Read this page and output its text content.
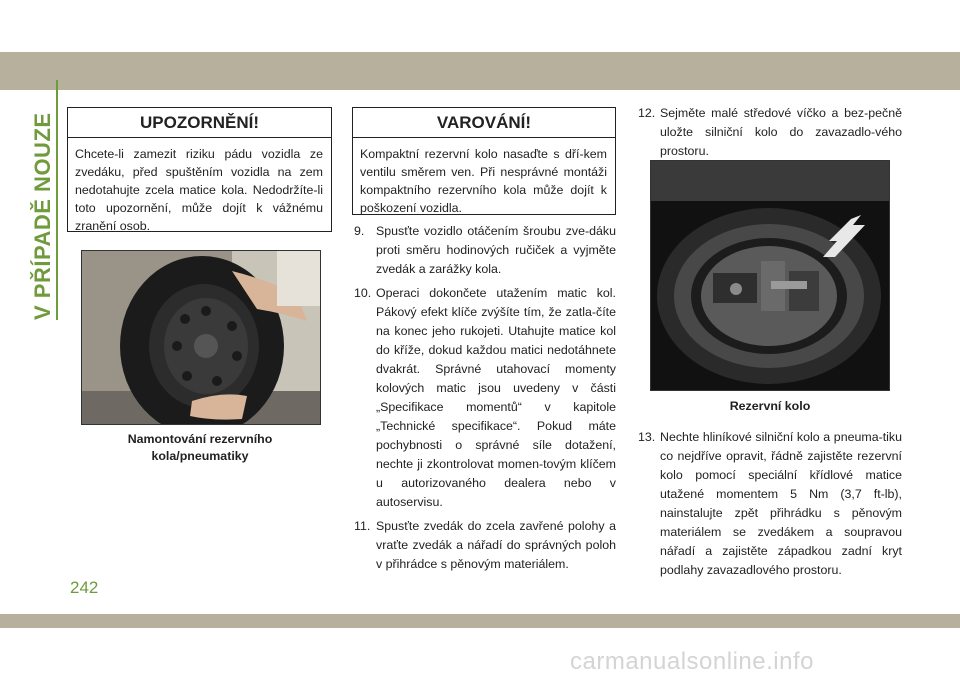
V PŘÍPADĚ NOUZE	UPOZORNĚNÍ!
Chcete-li zamezit riziku pádu vozidla ze zvedáku, před spuštěním vozidla na zem nedotahujte zcela matice kola. Nedodržíte-li toto upozornění, může dojít k vážnému zranění osob.
Namontování rezervního kola/pneumatiky
VAROVÁNÍ!
Kompaktní rezervní kolo nasaďte s dří-kem ventilu směrem ven. Při nesprávné montáži kompaktního rezervního kola může dojít k poškození vozidla.
9. Spusťte vozidlo otáčením šroubu zve-dáku proti směru hodinových ručiček a vyjměte zvedák a zarážky kola.
10. Operaci dokončete utažením matic kol. Pákový efekt klíče zvýšíte tím, že zatla-číte na konec jeho rukojeti. Utahujte matice kol do kříže, dokud každou matici nedotáhnete dvakrát. Správné utahovací momenty kolových matic jsou uvedeny v části „Specifikace momentů“ v kapitole „Technické specifikace“. Pokud máte pochybnosti o správné síle dotažení, nechte ji zkontrolovat momen-tovým klíčem u autorizovaného dealera nebo v autoservisu.
11. Spusťte zvedák do zcela zavřené polohy a vraťte zvedák a nářadí do správných poloh v přihrádce s pěnovým materiálem.
12. Sejměte malé středové víčko a bez-pečně uložte silniční kolo do zavazadlo-vého prostoru.
Rezervní kolo
13. Nechte hliníkové silniční kolo a pneuma-tiku co nejdříve opravit, řádně zajistěte rezervní kolo pomocí speciální křídlové matice utažené momentem 5 Nm (3,7 ft-lb), nainstalujte zpět přihrádku s pěnovým materiálem se zvedákem a soupravou nářadí a zajistěte západkou zadní kryt podlahy zavazadlového prostoru.
242
carmanualsonline.info
